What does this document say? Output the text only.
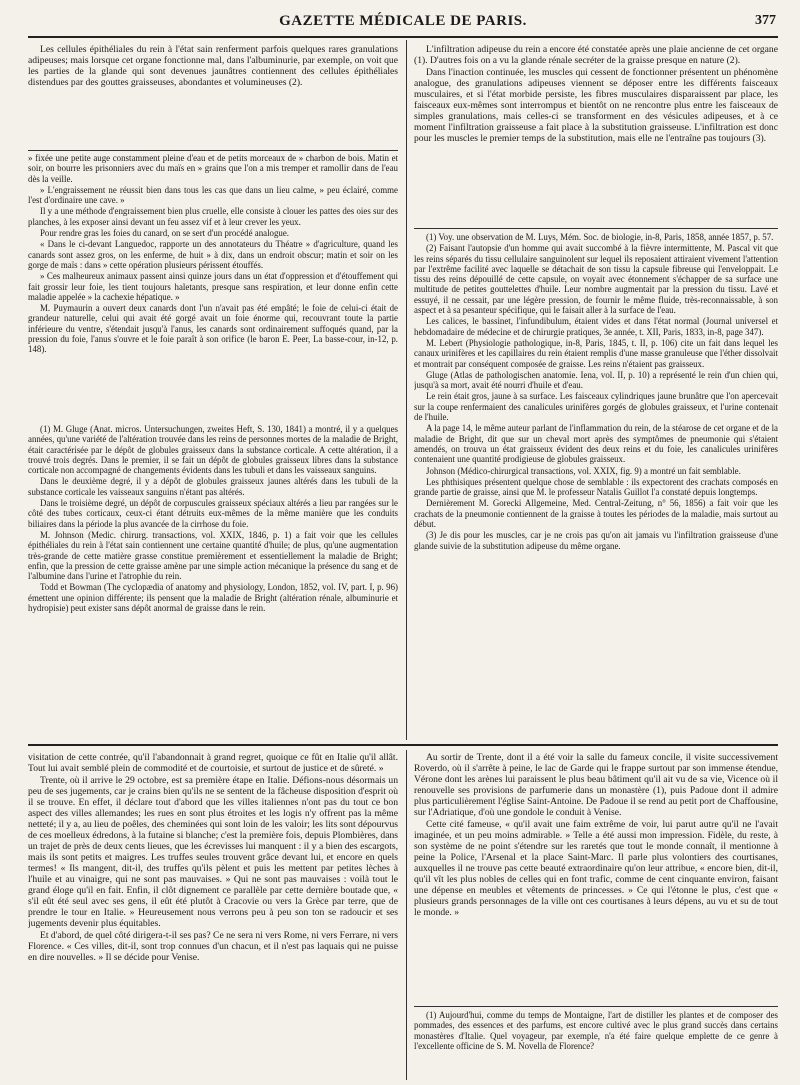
GAZETTE MÉDICALE DE PARIS.	377

Les cellules épithéliales du rein à l'état sain renferment parfois quelques rares granulations adipeuses; mais lorsque cet organe fonctionne mal, dans l'albuminurie, par exemple, on voit que les parties de la glande qui sont devenues jaunâtres contiennent des cellules épithéliales distendues par des gouttes graisseuses, abondantes et volumineuses (2).

» fixée une petite auge constamment pleine d'eau et de petits morceaux de » charbon de bois. Matin et soir, on bourre les prisonniers avec du maïs en » grains que l'on a mis tremper et ramollir dans de l'eau dès la veille.

» L'engraissement ne réussit bien dans tous les cas que dans un lieu calme, » peu éclairé, comme l'est d'ordinaire une cave. »

Il y a une méthode d'engraissement bien plus cruelle, elle consiste à clouer les pattes des oies sur des planches, à les exposer ainsi devant un feu assez vif et à leur crever les yeux.

Pour rendre gras les foies du canard, on se sert d'un procédé analogue.

« Dans le ci-devant Languedoc, rapporte un des annotateurs du Théatre » d'agriculture, quand les canards sont assez gros, on les enferme, de huit » à dix, dans un endroit obscur; matin et soir on les gorge de maïs : dans » cette opération plusieurs périssent étouffés.

» Ces malheureux animaux passent ainsi quinze jours dans un état d'oppression et d'étouffement qui fait grossir leur foie, les tient toujours haletants, presque sans respiration, et leur donne enfin cette maladie appelée » la cachexie hépatique. »

M. Puymaurin a ouvert deux canards dont l'un n'avait pas été empâté; le foie de celui-ci était de grandeur naturelle, celui qui avait été gorgé avait un foie énorme qui, recouvrant toute la partie inférieure du ventre, s'étendait jusqu'à l'anus, les canards sont ordinairement suffoqués quand, par la pression du foie, l'anus s'ouvre et le foie paraît à son orifice (le baron E. Peer, La basse-cour, in-12, p. 148).

(1) M. Gluge (Anat. micros. Untersuchungen, zweites Heft, S. 130, 1841) a montré, il y a quelques années, qu'une variété de l'altération trouvée dans les reins de personnes mortes de la maladie de Bright, était caractérisée par le dépôt de globules graisseux dans la substance corticale. A cette altération, il a trouvé trois degrés. Dans le premier, il se fait un dépôt de globules graisseux libres dans la substance corticale non accompagné de changements évidents dans les tubuli et dans les vaisseaux sanguins.

Dans le deuxième degré, il y a dépôt de globules graisseux jaunes altérés dans les tubuli de la substance corticale les vaisseaux sanguins n'étant pas altérés.

Dans le troisième degré, un dépôt de corpuscules graisseux spéciaux altérés a lieu par rangées sur le côté des tubes corticaux, ceux-ci étant détruits eux-mêmes de la même manière que les conduits biliaires dans la période la plus avancée de la cirrhose du foie.

M. Johnson (Medic. chirurg. transactions, vol. XXIX, 1846, p. 1) a fait voir que les cellules épithéliales du rein à l'état sain contiennent une certaine quantité d'huile; de plus, qu'une augmentation très-grande de cette matière grasse constitue premièrement et essentiellement la maladie de Bright; enfin, que la pression de cette graisse amène par une simple action mécanique la présence du sang et de l'albumine dans l'urine et l'atrophie du rein.

Todd et Bowman (The cyclopædia of anatomy and physiology, London, 1852, vol. IV, part. I, p. 96) émettent une opinion différente; ils pensent que la maladie de Bright (altération rénale, albuminurie et hydropisie) peut exister sans dépôt anormal de graisse dans le rein.

L'infiltration adipeuse du rein a encore été constatée après une plaie ancienne de cet organe (1). D'autres fois on a vu la glande rénale secréter de la graisse presque en nature (2).

Dans l'inaction continuée, les muscles qui cessent de fonctionner présentent un phénomène analogue, des granulations adipeuses viennent se déposer entre les différents faisceaux musculaires, et si l'état morbide persiste, les fibres musculaires disparaissent par place, les faisceaux eux-mêmes sont interrompus et bientôt on ne rencontre plus entre les faisceaux de simples granulations, mais celles-ci se transforment en des vésicules adipeuses, et à ce moment l'infiltration graisseuse a fait place à la substitution graisseuse. L'infiltration est donc pour les muscles le premier temps de la substitution, mais elle ne l'entraîne pas toujours (3).

(1) Voy. une observation de M. Luys, Mém. Soc. de biologie, in-8, Paris, 1858, année 1857, p. 57.

(2) Faisant l'autopsie d'un homme qui avait succombé à la fièvre intermittente, M. Pascal vit que les reins séparés du tissu cellulaire sanguinolent sur lequel ils reposaient attiraient vivement l'attention par l'extrême facilité avec laquelle se détachait de son tissu la capsule fibreuse qui l'enveloppait. Le tissu des reins dépouillé de cette capsule, on voyait avec étonnement s'échapper de sa surface une multitude de petites gouttelettes d'huile. Leur nombre augmentait par la pression du tissu. Lavé et essuyé, il ne cessait, par une légère pression, de fournir le même fluide, très-reconnaissable, à son aspect et à sa pesanteur spécifique, qui le faisait aller à la surface de l'eau.

Les calices, le bassinet, l'infundibulum, étaient vides et dans l'état normal (Journal universel et hebdomadaire de médecine et de chirurgie pratiques, 3e année, t. XII, Paris, 1833, in-8, page 347).

M. Lebert (Physiologie pathologique, in-8, Paris, 1845, t. II, p. 106) cite un fait dans lequel les canaux urinifères et les capillaires du rein étaient remplis d'une masse granuleuse que l'éther dissolvait et montrait par conséquent composée de graisse. Les reins n'étaient pas graisseux.

Gluge (Atlas de pathologischen anatomie. Iena, vol. II, p. 10) a représenté le rein d'un chien qui, jusqu'à sa mort, avait été nourri d'huile et d'eau.

Le rein était gros, jaune à sa surface. Les faisceaux cylindriques jaune brunâtre que l'on apercevait sur la coupe renfermaient des canalicules urinifères gorgés de globules graisseux, et l'urine contenait de l'huile.

A la page 14, le même auteur parlant de l'inflammation du rein, de la stéarose de cet organe et de la maladie de Bright, dit que sur un cheval mort après des symptômes de pneumonie qui s'étaient amendés, on trouva un état graisseux évident des deux reins et du foie, les canalicules urinifères contenaient une quantité prodigieuse de globules graisseux.

Johnson (Médico-chirurgical transactions, vol. XXIX, fig. 9) a montré un fait semblable.

Les phthisiques présentent quelque chose de semblable : ils expectorent des crachats composés en grande partie de graisse, ainsi que M. le professeur Natalis Guillot l'a constaté depuis longtemps.

Dernièrement M. Gorecki Allgemeine, Med. Central-Zeitung, n° 56, 1856) a fait voir que les crachats de la pneumonie contiennent de la graisse à toutes les périodes de la maladie, mais surtout au début.

(3) Je dis pour les muscles, car je ne crois pas qu'on ait jamais vu l'infiltration graisseuse d'une glande suivie de la substitution adipeuse du même organe.

visitation de cette contrée, qu'il l'abandonnait à grand regret, quoique ce fût en Italie qu'il allât. Tout lui avait semblé plein de commodité et de courtoisie, et surtout de justice et de sûreté. »

Trente, où il arrive le 29 octobre, est sa première étape en Italie. Défions-nous désormais un peu de ses jugements, car je crains bien qu'ils ne se sentent de la fâcheuse disposition d'esprit où il se trouve. En effet, il déclare tout d'abord que les villes italiennes n'ont pas du tout ce bon aspect des villes allemandes; les rues en sont plus étroites et les logis n'y offrent pas la même netteté; il y a, au lieu de poêles, des cheminées qui sont loin de les valoir; les lits sont dépourvus de ces moelleux édredons, à la futaine si blanche; c'est la première fois, depuis Plombières, dans un trajet de près de deux cents lieues, que les écrevisses lui manquent : il y a bien des escargots, mais ils sont petits et maigres. Les truffes seules trouvent grâce devant lui, et encore en quels termes! « Ils mangent, dit-il, des truffes qu'ils pèlent et puis les mettent par petites lèches à l'huile et au vinaigre, qui ne sont pas mauvaises. » Qui ne sont pas mauvaises : voilà tout le grand éloge qu'il en fait. Enfin, il clôt dignement ce parallèle par cette dernière boutade que, « s'il eût été seul avec ses gens, il eût été plutôt à Cracovie ou vers la Grèce par terre, que de prendre le tour en Italie. » Heureusement nous verrons peu à peu son ton se radoucir et ses jugements devenir plus équitables.

Et d'abord, de quel côté dirigera-t-il ses pas? Ce ne sera ni vers Rome, ni vers Ferrare, ni vers Florence. « Ces villes, dit-il, sont trop connues d'un chacun, et il n'est pas laquais qui ne puisse en dire nouvelles. » Il se décide pour Venise.

Au sortir de Trente, dont il a été voir la salle du fameux concile, il visite successivement Roverdo, où il s'arrête à peine, le lac de Garde qui le frappe surtout par son immense étendue, Vérone dont les arènes lui paraissent le plus beau bâtiment qu'il ait vu de sa vie, Vicence où il renouvelle ses provisions de parfumerie dans un monastère (1), puis Padoue dont il admire plus particulièrement l'église Saint-Antoine. De Padoue il se rend au petit port de Chaffousine, sur l'Adriatique, d'où une gondole le conduit à Venise.

Cette cité fameuse, « qu'il avait une faim extrême de voir, lui parut autre qu'il ne l'avait imaginée, et un peu moins admirable. » Telle a été aussi mon impression. Fidèle, du reste, à son système de ne point s'étendre sur les raretés que tout le monde connaît, il mentionne à peine la Police, l'Arsenal et la place Saint-Marc. Il parle plus volontiers des courtisanes, auxquelles il ne trouve pas cette beauté extraordinaire qu'on leur attribue, « encore bien, dit-il, qu'il vît les plus nobles de celles qui en font trafic, comme de cent cinquante environ, faisant une dépense en meubles et vêtements de princesses. » Ce qui l'étonne le plus, c'est que « plusieurs grands personnages de la ville ont ces courtisanes à leurs dépens, au vu et su de tout le monde. »

(1) Aujourd'hui, comme du temps de Montaigne, l'art de distiller les plantes et de composer des pommades, des essences et des parfums, est encore cultivé avec le plus grand succès dans certains monastères d'Italie. Quel voyageur, par exemple, n'a été faire quelque emplette de ce genre à l'excellente officine de S. M. Novella de Florence?
